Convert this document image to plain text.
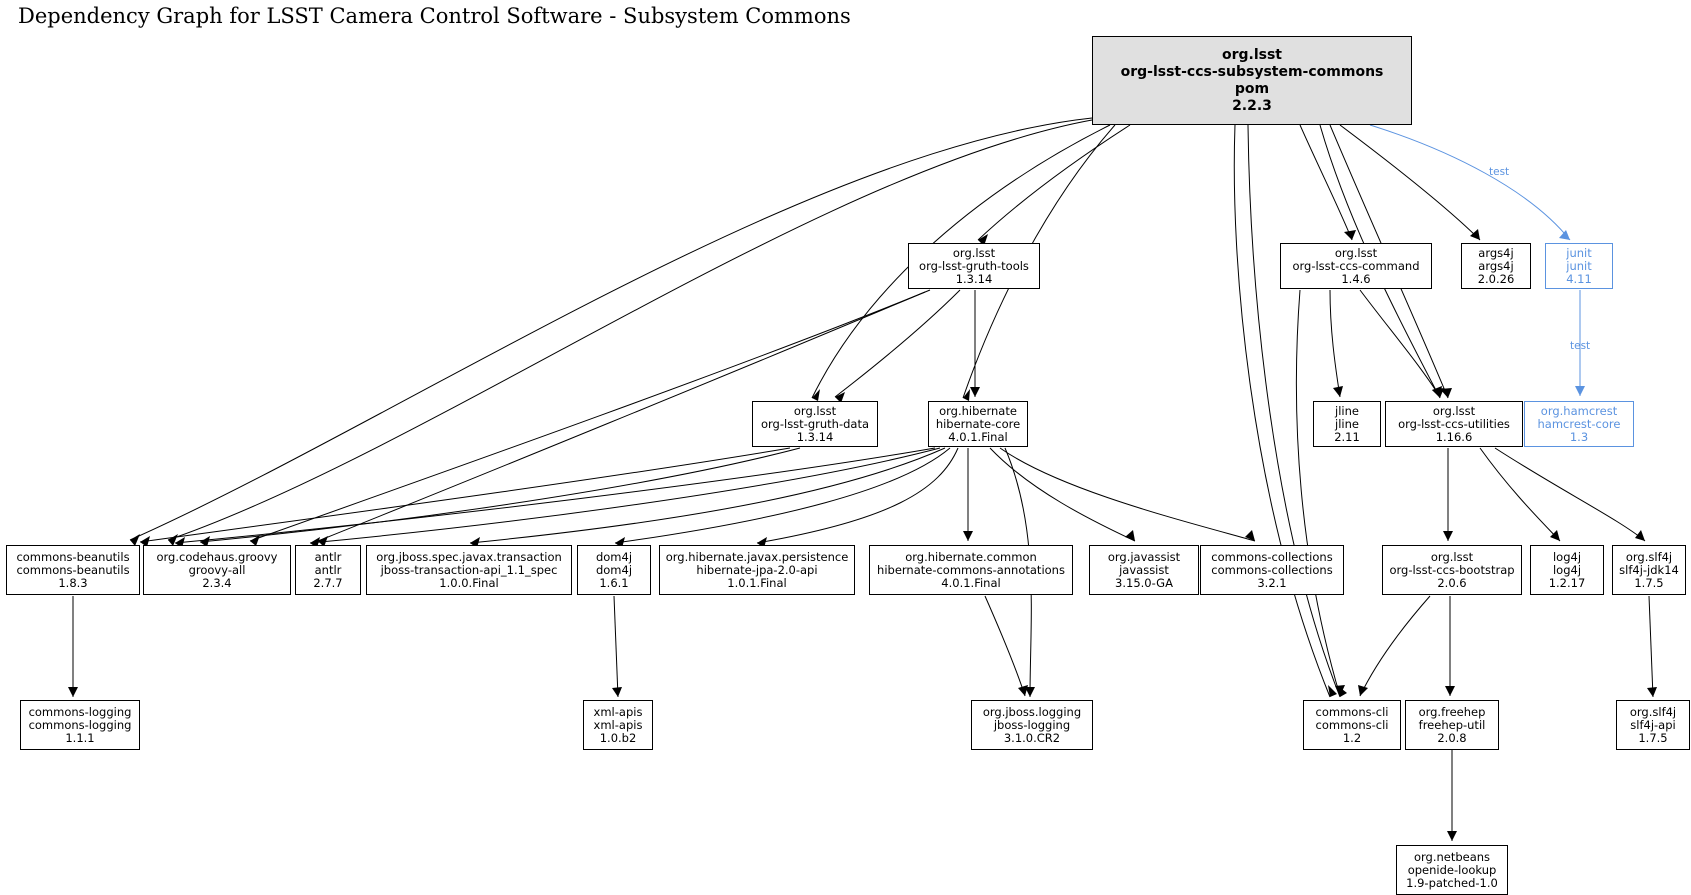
Dependency Graph for LSST Camera Control Software - Subsystem Commons
org.lsst
org-lsst-ccs-subsystem-commons
pom
2.2.3
org.lsst
org-lsst-gruth-tools
1.3.14
org.lsst
org-lsst-ccs-command
1.4.6
args4j
args4j
2.0.26
junit
junit
4.11
org.lsst
org-lsst-gruth-data
1.3.14
org.hibernate
hibernate-core
4.0.1.Final
jline
jline
2.11
org.lsst
org-lsst-ccs-utilities
1.16.6
org.hamcrest
hamcrest-core
1.3
commons-beanutils
commons-beanutils
1.8.3
org.codehaus.groovy
groovy-all
2.3.4
antlr
antlr
2.7.7
org.jboss.spec.javax.transaction
jboss-transaction-api_1.1_spec
1.0.0.Final
dom4j
dom4j
1.6.1
org.hibernate.javax.persistence
hibernate-jpa-2.0-api
1.0.1.Final
org.hibernate.common
hibernate-commons-annotations
4.0.1.Final
org.javassist
javassist
3.15.0-GA
commons-collections
commons-collections
3.2.1
org.lsst
org-lsst-ccs-bootstrap
2.0.6
log4j
log4j
1.2.17
org.slf4j
slf4j-jdk14
1.7.5
commons-logging
commons-logging
1.1.1
xml-apis
xml-apis
1.0.b2
org.jboss.logging
jboss-logging
3.1.0.CR2
commons-cli
commons-cli
1.2
org.freehep
freehep-util
2.0.8
org.slf4j
slf4j-api
1.7.5
org.netbeans
openide-lookup
1.9-patched-1.0
test
test
